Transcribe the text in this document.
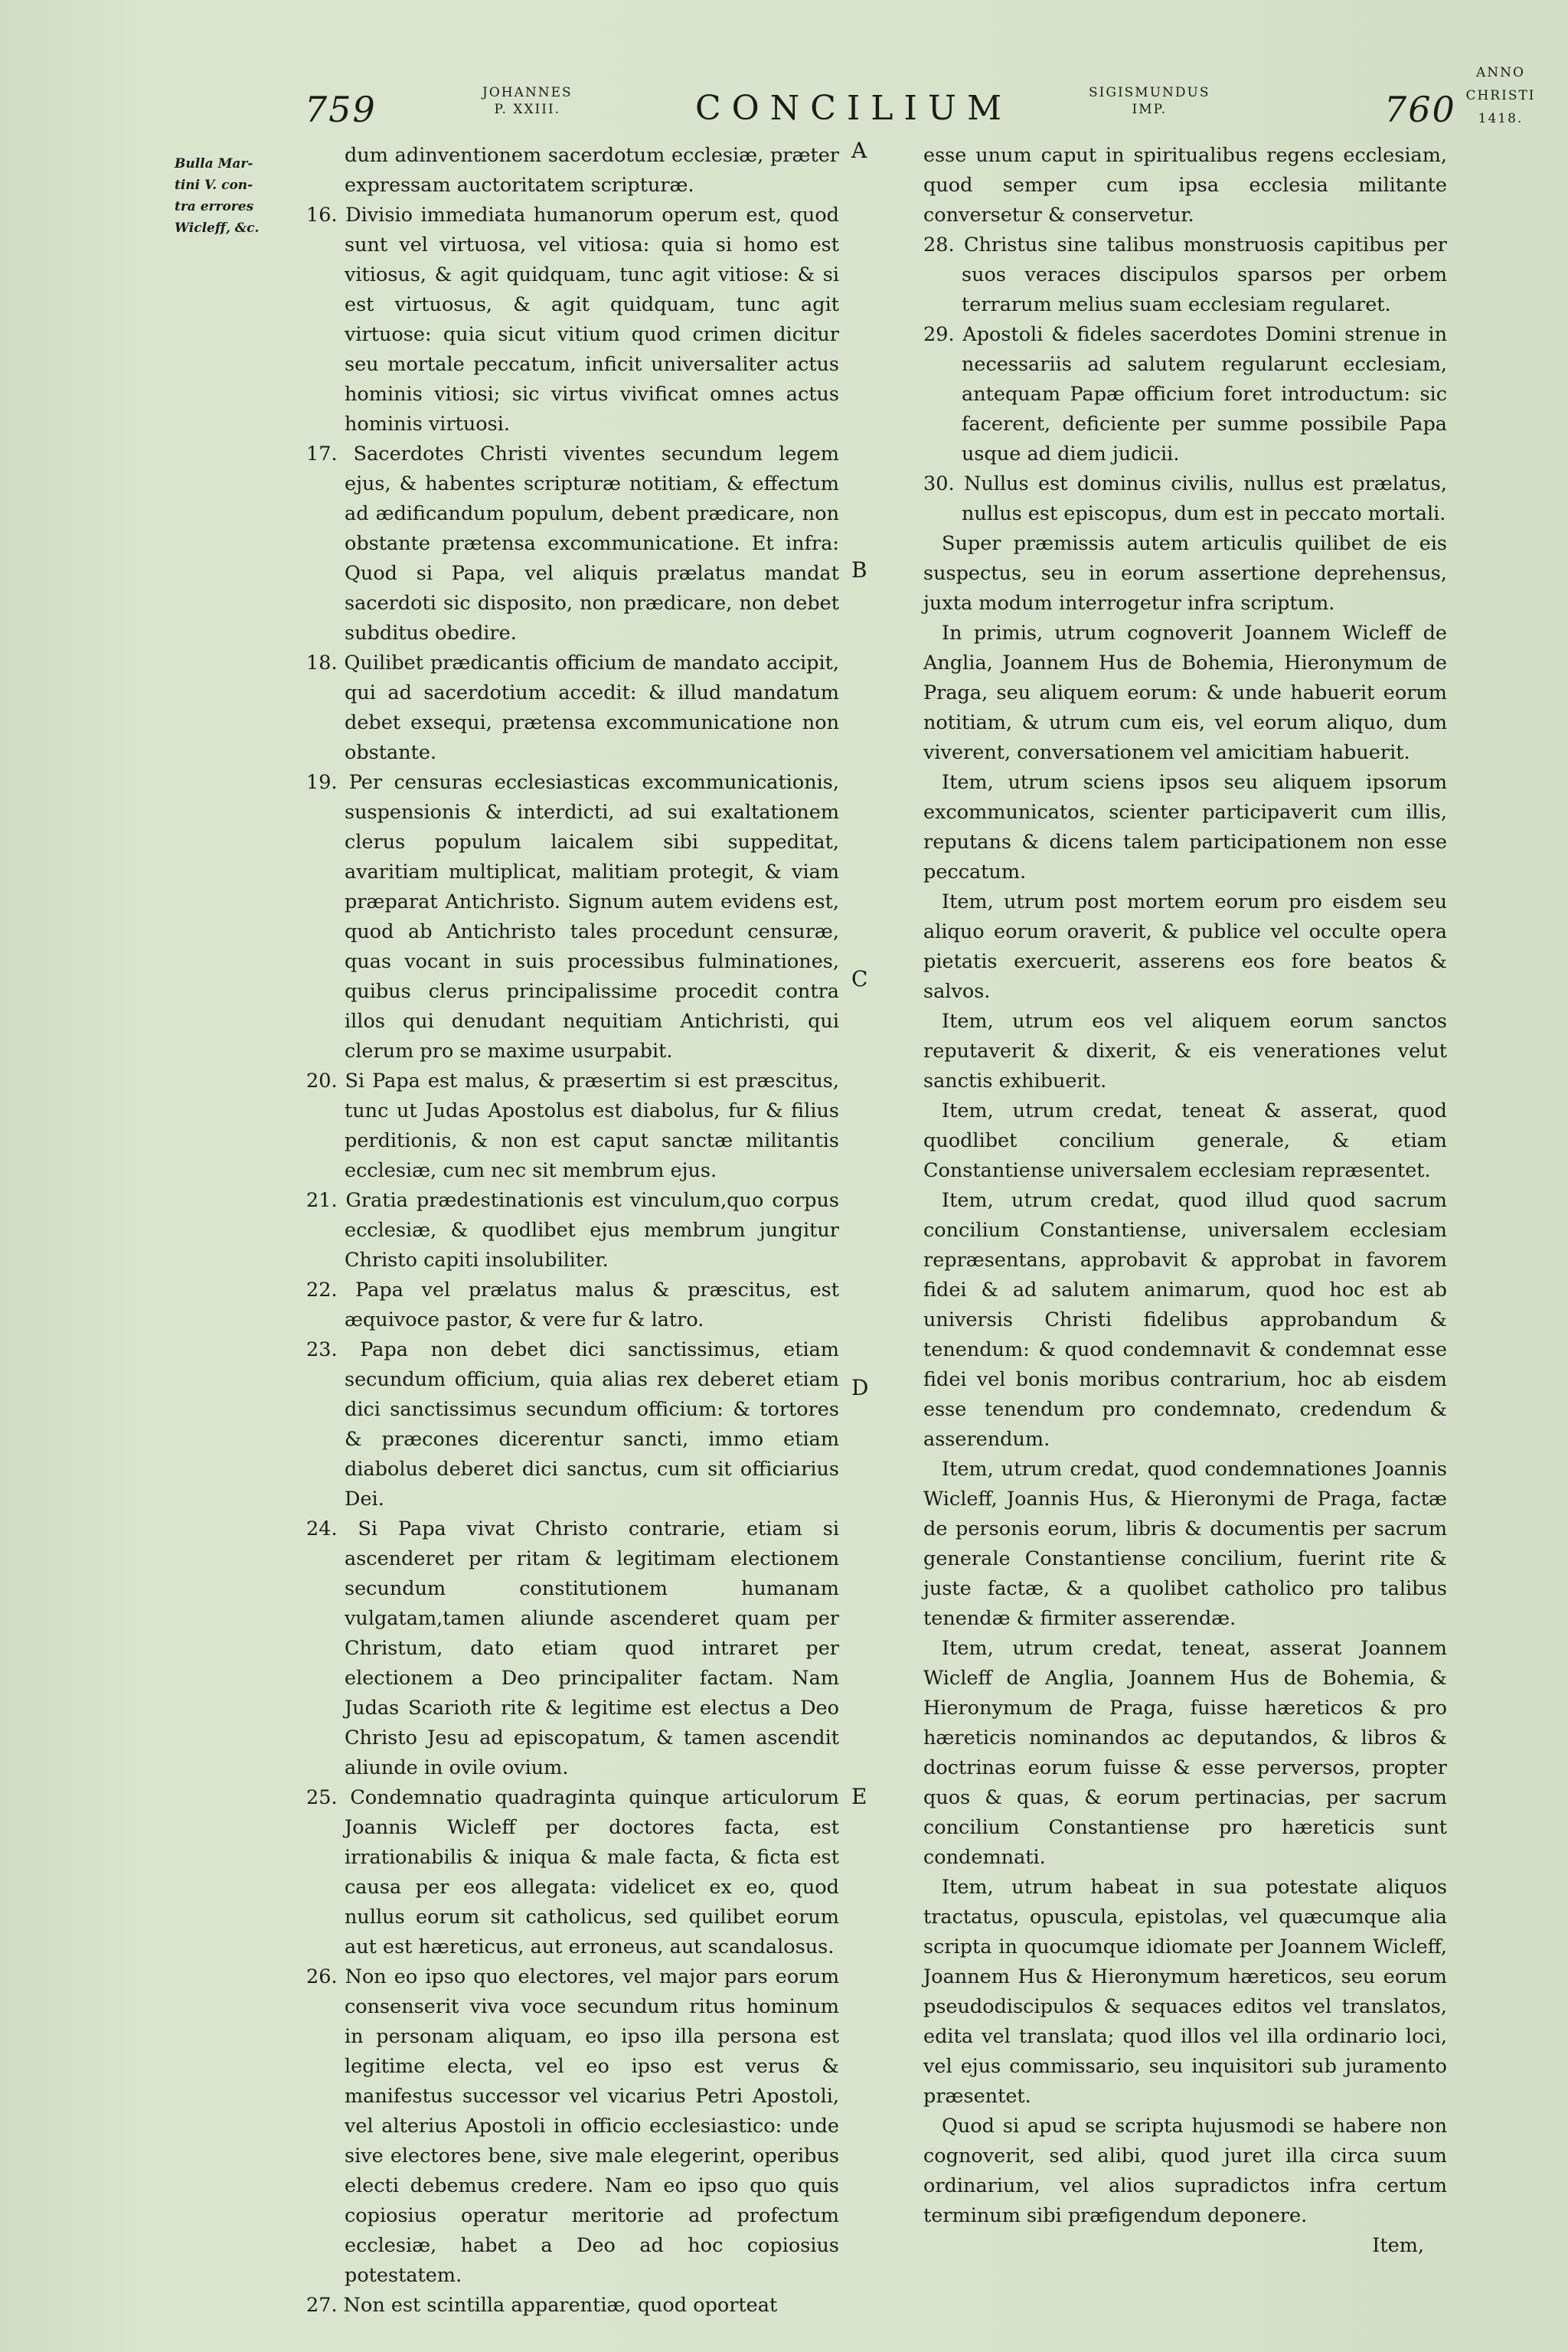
759	JOHANNES
P. XXIII.	CONCILIUM	SIGISMUNDUS
IMP.	760
ANNO
CHRISTI
1418.
Bulla Mar-
tini V. con-
tra errores
Wicleff, &c.
A
B
C
D
E

dum adinventionem sacerdotum ecclesiæ, præter expressam auctoritatem scripturæ.

16. Divisio immediata humanorum operum est, quod sunt vel virtuosa, vel vitiosa: quia si homo est vitiosus, & agit quidquam, tunc agit vitiose: & si est virtuosus, & agit quidquam, tunc agit virtuose: quia sicut vitium quod crimen dicitur seu mortale peccatum, inficit universaliter actus hominis vitiosi; sic virtus vivificat omnes actus hominis virtuosi.

17. Sacerdotes Christi viventes secundum legem ejus, & habentes scripturæ notitiam, & effectum ad ædificandum populum, debent prædicare, non obstante prætensa excommunicatione. Et infra: Quod si Papa, vel aliquis prælatus mandat sacerdoti sic disposito, non prædicare, non debet subditus obedire.

18. Quilibet prædicantis officium de mandato accipit, qui ad sacerdotium accedit: & illud mandatum debet exsequi, prætensa excommunicatione non obstante.

19. Per censuras ecclesiasticas excommunicationis, suspensionis & interdicti, ad sui exaltationem clerus populum laicalem sibi suppeditat, avaritiam multiplicat, malitiam protegit, & viam præparat Antichristo. Signum autem evidens est, quod ab Antichristo tales procedunt censuræ, quas vocant in suis processibus fulminationes, quibus clerus principalissime procedit contra illos qui denudant nequitiam Antichristi, qui clerum pro se maxime usurpabit.

20. Si Papa est malus, & præsertim si est præscitus, tunc ut Judas Apostolus est diabolus, fur & filius perditionis, & non est caput sanctæ militantis ecclesiæ, cum nec sit membrum ejus.

21. Gratia prædestinationis est vinculum,quo corpus ecclesiæ, & quodlibet ejus membrum jungitur Christo capiti insolubiliter.

22. Papa vel prælatus malus & præscitus, est æquivoce pastor, & vere fur & latro.

23. Papa non debet dici sanctissimus, etiam secundum officium, quia alias rex deberet etiam dici sanctissimus secundum officium: & tortores & præcones dicerentur sancti, immo etiam diabolus deberet dici sanctus, cum sit officiarius Dei.

24. Si Papa vivat Christo contrarie, etiam si ascenderet per ritam & legitimam electionem secundum constitutionem humanam vulgatam,tamen aliunde ascenderet quam per Christum, dato etiam quod intraret per electionem a Deo principaliter factam. Nam Judas Scarioth rite & legitime est electus a Deo Christo Jesu ad episcopatum, & tamen ascendit aliunde in ovile ovium.

25. Condemnatio quadraginta quinque articulorum Joannis Wicleff per doctores facta, est irrationabilis & iniqua & male facta, & ficta est causa per eos allegata: videlicet ex eo, quod nullus eorum sit catholicus, sed quilibet eorum aut est hæreticus, aut erroneus, aut scandalosus.

26. Non eo ipso quo electores, vel major pars eorum consenserit viva voce secundum ritus hominum in personam aliquam, eo ipso illa persona est legitime electa, vel eo ipso est verus & manifestus successor vel vicarius Petri Apostoli, vel alterius Apostoli in officio ecclesiastico: unde sive electores bene, sive male elegerint, operibus electi debemus credere. Nam eo ipso quo quis copiosius operatur meritorie ad profectum ecclesiæ, habet a Deo ad hoc copiosius potestatem.

27. Non est scintilla apparentiæ, quod oporteat

esse unum caput in spiritualibus regens ecclesiam, quod semper cum ipsa ecclesia militante conversetur & conservetur.

28. Christus sine talibus monstruosis capitibus per suos veraces discipulos sparsos per orbem terrarum melius suam ecclesiam regularet.

29. Apostoli & fideles sacerdotes Domini strenue in necessariis ad salutem regularunt ecclesiam, antequam Papæ officium foret introductum: sic facerent, deficiente per summe possibile Papa usque ad diem judicii.

30. Nullus est dominus civilis, nullus est prælatus, nullus est episcopus, dum est in peccato mortali.

Super præmissis autem articulis quilibet de eis suspectus, seu in eorum assertione deprehensus, juxta modum interrogetur infra scriptum.

In primis, utrum cognoverit Joannem Wicleff de Anglia, Joannem Hus de Bohemia, Hieronymum de Praga, seu aliquem eorum: & unde habuerit eorum notitiam, & utrum cum eis, vel eorum aliquo, dum viverent, conversationem vel amicitiam habuerit.

Item, utrum sciens ipsos seu aliquem ipsorum excommunicatos, scienter participaverit cum illis, reputans & dicens talem participationem non esse peccatum.

Item, utrum post mortem eorum pro eisdem seu aliquo eorum oraverit, & publice vel occulte opera pietatis exercuerit, asserens eos fore beatos & salvos.

Item, utrum eos vel aliquem eorum sanctos reputaverit & dixerit, & eis venerationes velut sanctis exhibuerit.

Item, utrum credat, teneat & asserat, quod quodlibet concilium generale, & etiam Constantiense universalem ecclesiam repræsentet.

Item, utrum credat, quod illud quod sacrum concilium Constantiense, universalem ecclesiam repræsentans, approbavit & approbat in favorem fidei & ad salutem animarum, quod hoc est ab universis Christi fidelibus approbandum & tenendum: & quod condemnavit & condemnat esse fidei vel bonis moribus contrarium, hoc ab eisdem esse tenendum pro condemnato, credendum & asserendum.

Item, utrum credat, quod condemnationes Joannis Wicleff, Joannis Hus, & Hieronymi de Praga, factæ de personis eorum, libris & documentis per sacrum generale Constantiense concilium, fuerint rite & juste factæ, & a quolibet catholico pro talibus tenendæ & firmiter asserendæ.

Item, utrum credat, teneat, asserat Joannem Wicleff de Anglia, Joannem Hus de Bohemia, & Hieronymum de Praga, fuisse hæreticos & pro hæreticis nominandos ac deputandos, & libros & doctrinas eorum fuisse & esse perversos, propter quos & quas, & eorum pertinacias, per sacrum concilium Constantiense pro hæreticis sunt condemnati.

Item, utrum habeat in sua potestate aliquos tractatus, opuscula, epistolas, vel quæcumque alia scripta in quocumque idiomate per Joannem Wicleff, Joannem Hus & Hieronymum hæreticos, seu eorum pseudodiscipulos & sequaces editos vel translatos, edita vel translata; quod illos vel illa ordinario loci, vel ejus commissario, seu inquisitori sub juramento præsentet.

Quod si apud se scripta hujusmodi se habere non cognoverit, sed alibi, quod juret illa circa suum ordinarium, vel alios supradictos infra certum terminum sibi præfigendum deponere.

Item,
